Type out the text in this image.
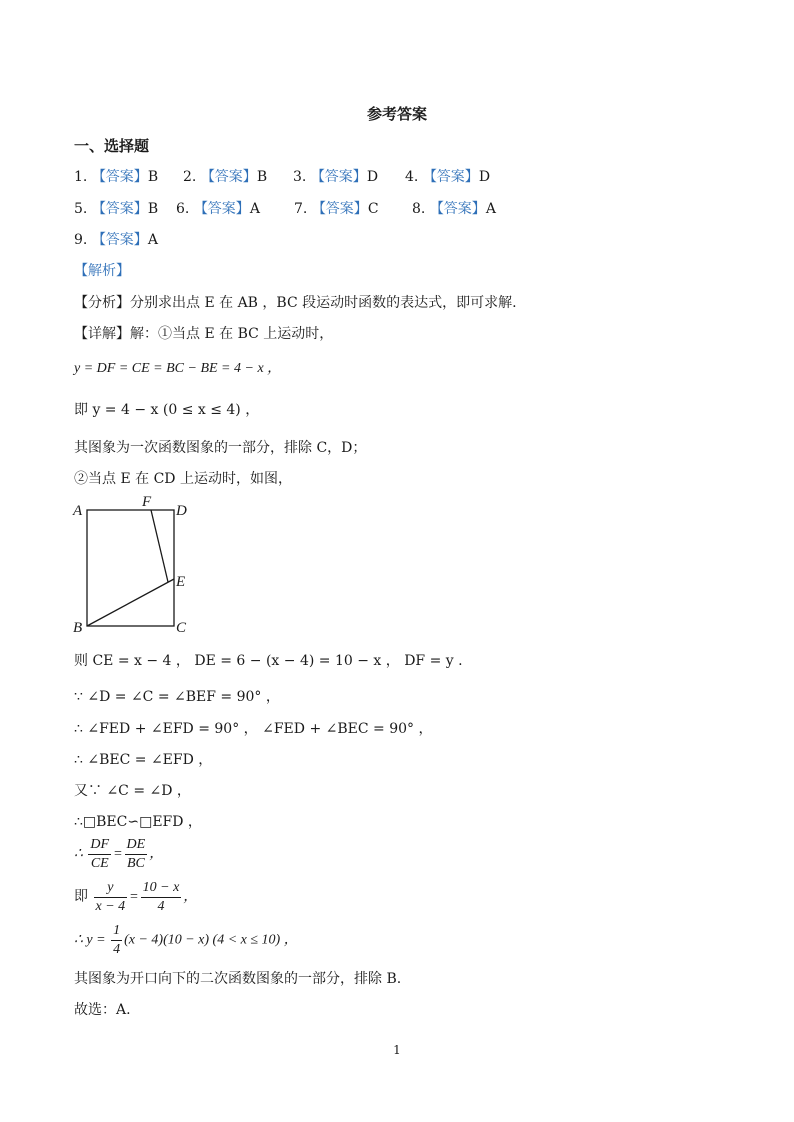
参考答案
一、选择题
1. 【答案】B 2. 【答案】B 3. 【答案】D 4. 【答案】D
5. 【答案】B 6. 【答案】A 7. 【答案】C 8. 【答案】A
9. 【答案】A
【解析】
【分析】分别求出点 E 在 AB ，BC 段运动时函数的表达式，即可求解.
【详解】解：①当点 E 在 BC 上运动时，
y = DF = CE = BC − BE = 4 − x ，
即 y = 4 − x (0 ≤ x ≤ 4) ，
其图象为一次函数图象的一部分，排除 C，D；
②当点 E 在 CD 上运动时，如图，
A
F
D
E
B	C
则 CE = x − 4 ， DE = 6 − (x − 4) = 10 − x ， DF = y .
∵ ∠D = ∠C = ∠BEF = 90° ，
∴ ∠FED + ∠EFD = 90° ， ∠FED + ∠BEC = 90° ，
∴ ∠BEC = ∠EFD ，
又∵ ∠C = ∠D ，
∴□BEC∽□EFD ，
∴ $\frac{DF}{CE} = \frac{DE}{BC}$ ，
即 $\frac{y}{x - 4} = \frac{10 - x}{4}$ ，
∴ $y = \frac{1}{4} (x - 4)(10 - x) (4 < x \le 10)$ ，
其图象为开口向下的二次函数图象的一部分，排除 B.
故选：A.
1
